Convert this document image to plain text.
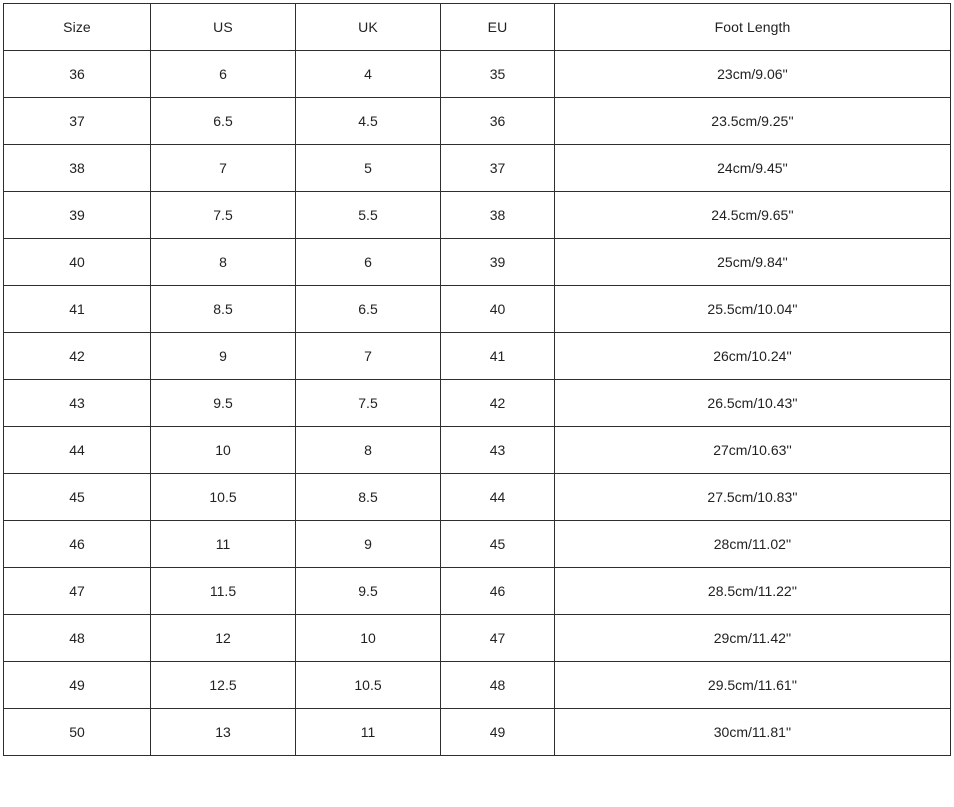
Size	US	UK	EU	Foot Length
36	6	4	35	23cm/9.06''
37	6.5	4.5	36	23.5cm/9.25''
38	7	5	37	24cm/9.45''
39	7.5	5.5	38	24.5cm/9.65''
40	8	6	39	25cm/9.84''
41	8.5	6.5	40	25.5cm/10.04''
42	9	7	41	26cm/10.24''
43	9.5	7.5	42	26.5cm/10.43''
44	10	8	43	27cm/10.63''
45	10.5	8.5	44	27.5cm/10.83''
46	11	9	45	28cm/11.02''
47	11.5	9.5	46	28.5cm/11.22''
48	12	10	47	29cm/11.42''
49	12.5	10.5	48	29.5cm/11.61''
50	13	11	49	30cm/11.81''
